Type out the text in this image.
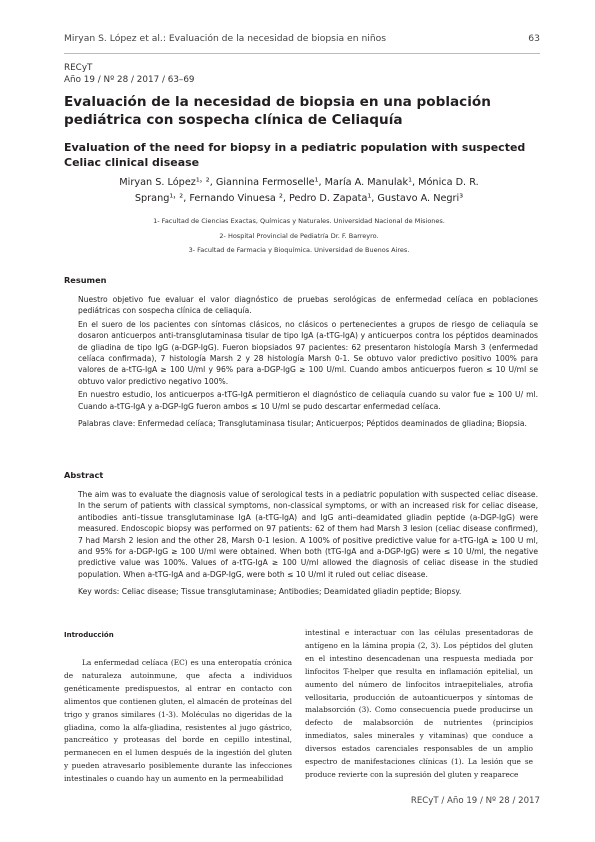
Miryan S. López et al.: Evaluación de la necesidad de biopsia en niños	63
RECyT
Año 19 / Nº 28 / 2017 / 63–69
Evaluación de la necesidad de biopsia en una población pediátrica con sospecha clínica de Celiaquía
Evaluation of the need for biopsy in a pediatric population with suspected Celiac clinical disease
Miryan S. López¹˒ ², Giannina Fermoselle¹, María A. Manulak¹, Mónica D. R.
Sprang¹˒ ², Fernando Vinuesa ², Pedro D. Zapata¹, Gustavo A. Negri³
1- Facultad de Ciencias Exactas, Químicas y Naturales. Universidad Nacional de Misiones.
2- Hospital Provincial de Pediatría Dr. F. Barreyro.
3- Facultad de Farmacia y Bioquímica. Universidad de Buenos Aires.
Resumen

Nuestro objetivo fue evaluar el valor diagnóstico de pruebas serológicas de enfermedad celíaca en poblaciones pediátricas con sospecha clínica de celiaquía.

En el suero de los pacientes con síntomas clásicos, no clásicos o pertenecientes a grupos de riesgo de celiaquía se dosaron anticuerpos anti-transglutaminasa tisular de tipo IgA (a-tTG-IgA) y anticuerpos contra los péptidos deaminados de gliadina de tipo IgG (a-DGP-IgG). Fueron biopsiados 97 pacientes: 62 presentaron histología Marsh 3 (enfermedad celíaca confirmada), 7 histología Marsh 2 y 28 histología Marsh 0-1. Se obtuvo valor predictivo positivo 100% para valores de a-tTG-IgA ≥ 100 U/ml y 96% para a-DGP-IgG ≥ 100 U/ml. Cuando ambos anticuerpos fueron ≤ 10 U/ml se obtuvo valor predictivo negativo 100%.

En nuestro estudio, los anticuerpos a-tTG-IgA permitieron el diagnóstico de celiaquía cuando su valor fue ≥ 100 U/ ml. Cuando a-tTG-IgA y a-DGP-IgG fueron ambos ≤ 10 U/ml se pudo descartar enfermedad celíaca.

Palabras clave: Enfermedad celíaca; Transglutaminasa tisular; Anticuerpos; Péptidos deaminados de gliadina; Biopsia.

Abstract

The aim was to evaluate the diagnosis value of serological tests in a pediatric population with suspected celiac disease. In the serum of patients with classical symptoms, non-classical symptoms, or with an increased risk for celiac disease, antibodies anti–tissue transglutaminase IgA (a-tTG-IgA) and IgG anti–deamidated gliadin peptide (a-DGP-IgG) were measured. Endoscopic biopsy was performed on 97 patients: 62 of them had Marsh 3 lesion (celiac disease confirmed), 7 had Marsh 2 lesion and the other 28, Marsh 0-1 lesion. A 100% of positive predictive value for a-tTG-IgA ≥ 100 U ml, and 95% for a-DGP-IgG ≥ 100 U/ml were obtained. When both (tTG-IgA and a-DGP-IgG) were ≤ 10 U/ml, the negative predictive value was 100%. Values of a-tTG-IgA ≥ 100 U/ml allowed the diagnosis of celiac disease in the studied population. When a-tTG-IgA and a-DGP-IgG, were both ≤ 10 U/ml it ruled out celiac disease.

Key words: Celiac disease; Tissue transglutaminase; Antibodies; Deamidated gliadin peptide; Biopsy.

Introducción
La enfermedad celíaca (EC) es una enteropatía crónica de naturaleza autoinmune, que afecta a individuos genéticamente predispuestos, al entrar en contacto con alimentos que contienen gluten, el almacén de proteínas del trigo y granos similares (1-3). Moléculas no digeridas de la gliadina, como la alfa-gliadina, resistentes al jugo gástrico, pancreático y proteasas del borde en cepillo intestinal, permanecen en el lumen después de la ingestión del gluten y pueden atravesarlo posiblemente durante las infecciones intestinales o cuando hay un aumento en la permeabilidad
intestinal e interactuar con las células presentadoras de antígeno en la lámina propia (2, 3). Los péptidos del gluten en el intestino desencadenan una respuesta mediada por linfocitos T-helper que resulta en inflamación epitelial, un aumento del número de linfocitos intraepiteliales, atrofia vellositaria, producción de autoanticuerpos y síntomas de malabsorción (3). Como consecuencia puede producirse un defecto de malabsorción de nutrientes (principios inmediatos, sales minerales y vitaminas) que conduce a diversos estados carenciales responsables de un amplio espectro de manifestaciones clínicas (1). La lesión que se produce revierte con la supresión del gluten y reaparece
RECyT / Año 19 / Nº 28 / 2017
